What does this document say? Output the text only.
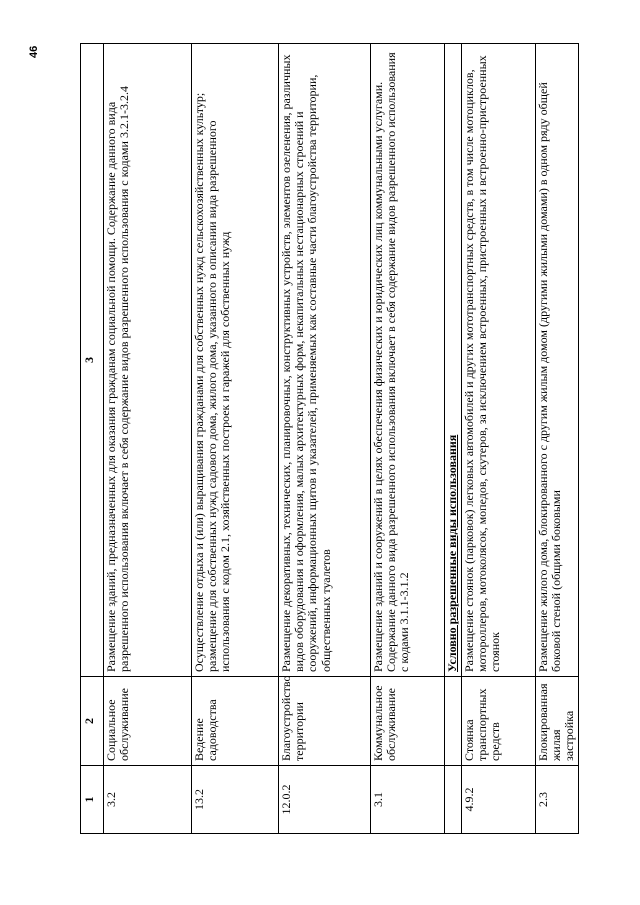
46
1	2	3
3.2	Социальное обслуживание	Размещение зданий, предназначенных для оказания гражданам социальной помощи. Содержание данного вида разрешенного использования включает в себя содержание видов разрешенного использования с кодами 3.2.1-3.2.4
13.2	Ведение садоводства	Осуществление отдыха и (или) выращивания гражданами для собственных нужд сельскохозяйственных культур; размещение для собственных нужд садового дома, жилого дома, указанного в описании вида разрешенного использования с кодом 2.1, хозяйственных построек и гаражей для собственных нужд

12.0.2	Благоустройство территории	Размещение декоративных, технических, планировочных, конструктивных устройств, элементов озеленения, различных видов оборудования и оформления, малых архитектурных форм, некапитальных нестационарных строений и сооружений, информационных щитов и указателей, применяемых как составные части благоустройства территории, общественных туалетов
3.1	Коммунальное обслуживание	Размещение зданий и сооружений в целях обеспечения физических и юридических лиц коммунальными услугами. Содержание данного вида разрешенного использования включает в себя содержание видов разрешенного использования с кодами 3.1.1-3.1.2
		Условно разрешенные виды использования
4.9.2	Стоянка транспортных средств	Размещение стоянок (парковок) легковых автомобилей и других мототранспортных средств, в том числе мотоциклов, мотороллеров, мотоколясок, мопедов, скутеров, за исключением встроенных, пристроенных и встроенно-пристроенных стоянок
2.3	Блокированная жилая застройка	Размещение жилого дома, блокированного с другим жилым домом (другими жилыми домами) в одном ряду общей боковой стеной (общими боковыми
